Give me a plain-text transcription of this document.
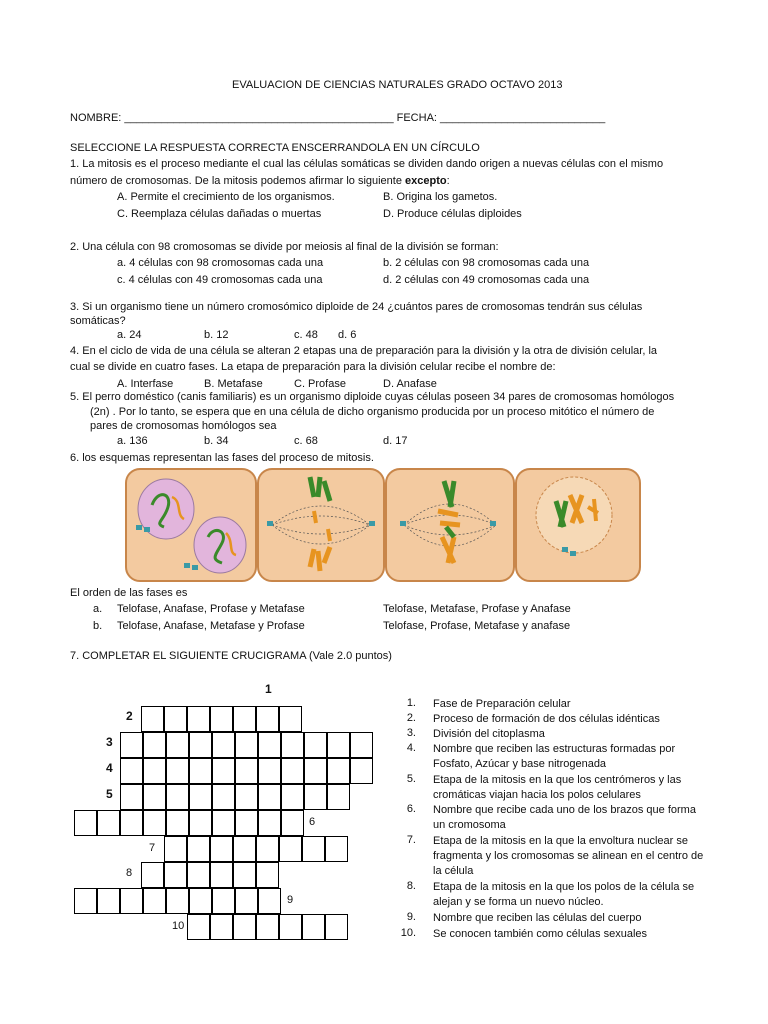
EVALUACION DE CIENCIAS NATURALES GRADO OCTAVO 2013
NOMBRE: ____________________________________________ FECHA: ___________________________
SELECCIONE LA RESPUESTA CORRECTA ENSCERRANDOLA EN UN CÍRCULO
1. La mitosis es el proceso mediante el cual las células somáticas se dividen dando origen a nuevas células con el mismo
número de cromosomas. De la mitosis podemos afirmar lo siguiente excepto:
A. Permite el crecimiento de los organismos.	B. Origina los gametos.
C. Reemplaza células dañadas o muertas	D. Produce células diploides
2. Una célula con 98 cromosomas se divide por meiosis al final de la división se forman:
a. 4 células con 98 cromosomas cada una	b. 2 células con 98 cromosomas cada una
c. 4 células con 49 cromosomas cada una	d. 2 células con 49 cromosomas cada una
3. Si un organismo tiene un número cromosómico diploide de 24 ¿cuántos pares de cromosomas tendrán sus células
somáticas?
a. 24	b. 12	c. 48 d. 6
4. En el ciclo de vida de una célula se alteran 2 etapas una de preparación para la división y la otra de división celular, la
cual se divide en cuatro fases. La etapa de preparación para la división celular recibe el nombre de:
A. Interfase	B. Metafase	C. Profase	D. Anafase
5. El perro doméstico (canis familiaris) es un organismo diploide cuyas células poseen 34 pares de cromosomas homólogos
(2n) . Por lo tanto, se espera que en una célula de dicho organismo producida por un proceso mitótico el número de
pares de cromosomas homólogos sea
a. 136	b. 34	c. 68	d. 17
6. los esquemas representan las fases del proceso de mitosis.
El orden de las fases es
a. Telofase, Anafase, Profase y Metafase	Telofase, Metafase, Profase y Anafase
b. Telofase, Anafase, Metafase y Profase	Telofase, Profase, Metafase y anafase
7. COMPLETAR EL SIGUIENTE CRUCIGRAMA (Vale 2.0 puntos)
1
2
3
4
5
6
7
8
9
10
1. Fase de Preparación celular
2. Proceso de formación de dos células idénticas
3. División del citoplasma
4. Nombre que reciben las estructuras formadas por Fosfato, Azúcar y base nitrogenada
5. Etapa de la mitosis en la que los centrómeros y las cromáticas viajan hacia los polos celulares
6. Nombre que recibe cada uno de los brazos que forma un cromosoma
7. Etapa de la mitosis en la que la envoltura nuclear se fragmenta y los cromosomas se alinean en el centro de la célula
8. Etapa de la mitosis en la que los polos de la célula se alejan y se forma un nuevo núcleo.
9. Nombre que reciben las células del cuerpo
10. Se conocen también como células sexuales
